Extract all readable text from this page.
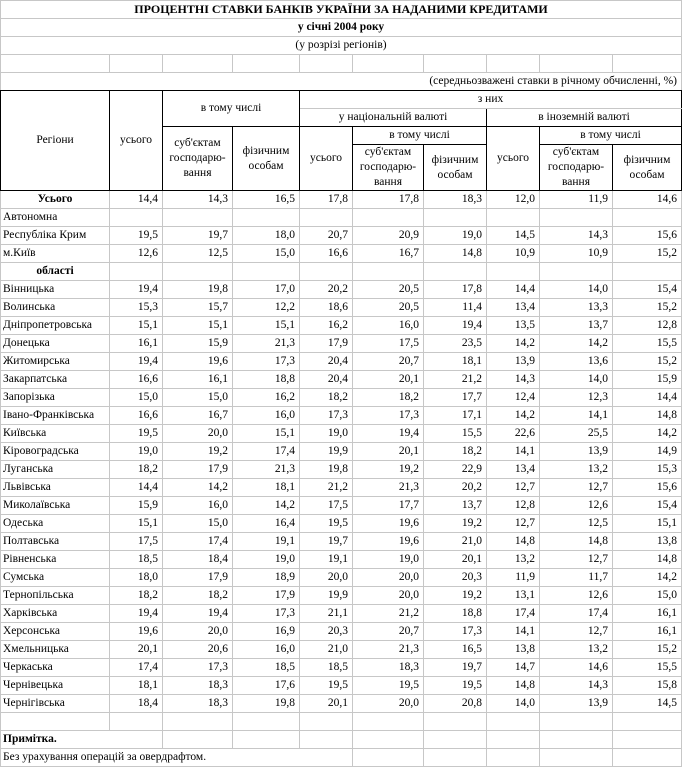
ПРОЦЕНТНІ СТАВКИ БАНКІВ УКРАЇНИ ЗА НАДАНИМИ КРЕДИТАМИ									
у січні 2004 року									
(у розрізі регіонів)									

(середньозважені ставки в річному обчисленні, %)									
Регіони	усього	в тому числі		з них					
				у національній валюті			в іноземній валюті		
		суб'єктам господарю-вання	фізичним особам	усього	в тому числі		усього	в тому числі	
					суб'єктам господарю-вання	фізичним особам		суб'єктам господарю-вання	фізичним особам

Усього	14,4	14,3	16,5	17,8	17,8	18,3	12,0	11,9	14,6
Автономна									
Республіка Крим	19,5	19,7	18,0	20,7	20,9	19,0	14,5	14,3	15,6
м.Київ	12,6	12,5	15,0	16,6	16,7	14,8	10,9	10,9	15,2
області									
Вінницька	19,4	19,8	17,0	20,2	20,5	17,8	14,4	14,0	15,4
Волинська	15,3	15,7	12,2	18,6	20,5	11,4	13,4	13,3	15,2
Дніпропетровська	15,1	15,1	15,1	16,2	16,0	19,4	13,5	13,7	12,8
Донецька	16,1	15,9	21,3	17,9	17,5	23,5	14,2	14,2	15,5
Житомирська	19,4	19,6	17,3	20,4	20,7	18,1	13,9	13,6	15,2
Закарпатська	16,6	16,1	18,8	20,4	20,1	21,2	14,3	14,0	15,9
Запорізька	15,0	15,0	16,2	18,2	18,2	17,7	12,4	12,3	14,4
Івано-Франківська	16,6	16,7	16,0	17,3	17,3	17,1	14,2	14,1	14,8
Київська	19,5	20,0	15,1	19,0	19,4	15,5	22,6	25,5	14,2
Кіровоградська	19,0	19,2	17,4	19,9	20,1	18,2	14,1	13,9	14,9
Луганська	18,2	17,9	21,3	19,8	19,2	22,9	13,4	13,2	15,3
Львівська	14,4	14,2	18,1	21,2	21,3	20,2	12,7	12,7	15,6
Миколаївська	15,9	16,0	14,2	17,5	17,7	13,7	12,8	12,6	15,4
Одеська	15,1	15,0	16,4	19,5	19,6	19,2	12,7	12,5	15,1
Полтавська	17,5	17,4	19,1	19,7	19,6	21,0	14,8	14,8	13,8
Рівненська	18,5	18,4	19,0	19,1	19,0	20,1	13,2	12,7	14,8
Сумська	18,0	17,9	18,9	20,0	20,0	20,3	11,9	11,7	14,2
Тернопільська	18,2	18,2	17,9	19,9	20,0	19,2	13,1	12,6	15,0
Харківська	19,4	19,4	17,3	21,1	21,2	18,8	17,4	17,4	16,1
Херсонська	19,6	20,0	16,9	20,3	20,7	17,3	14,1	12,7	16,1
Хмельницька	20,1	20,6	16,0	21,0	21,3	16,5	13,8	13,2	15,2
Черкаська	17,4	17,3	18,5	18,5	18,3	19,7	14,7	14,6	15,5
Чернівецька	18,1	18,3	17,6	19,5	19,5	19,5	14,8	14,3	15,8
Чернігівська	18,4	18,3	19,8	20,1	20,0	20,8	14,0	13,9	14,5

Примітка.									
Без урахування операцій за овердрафтом.									
